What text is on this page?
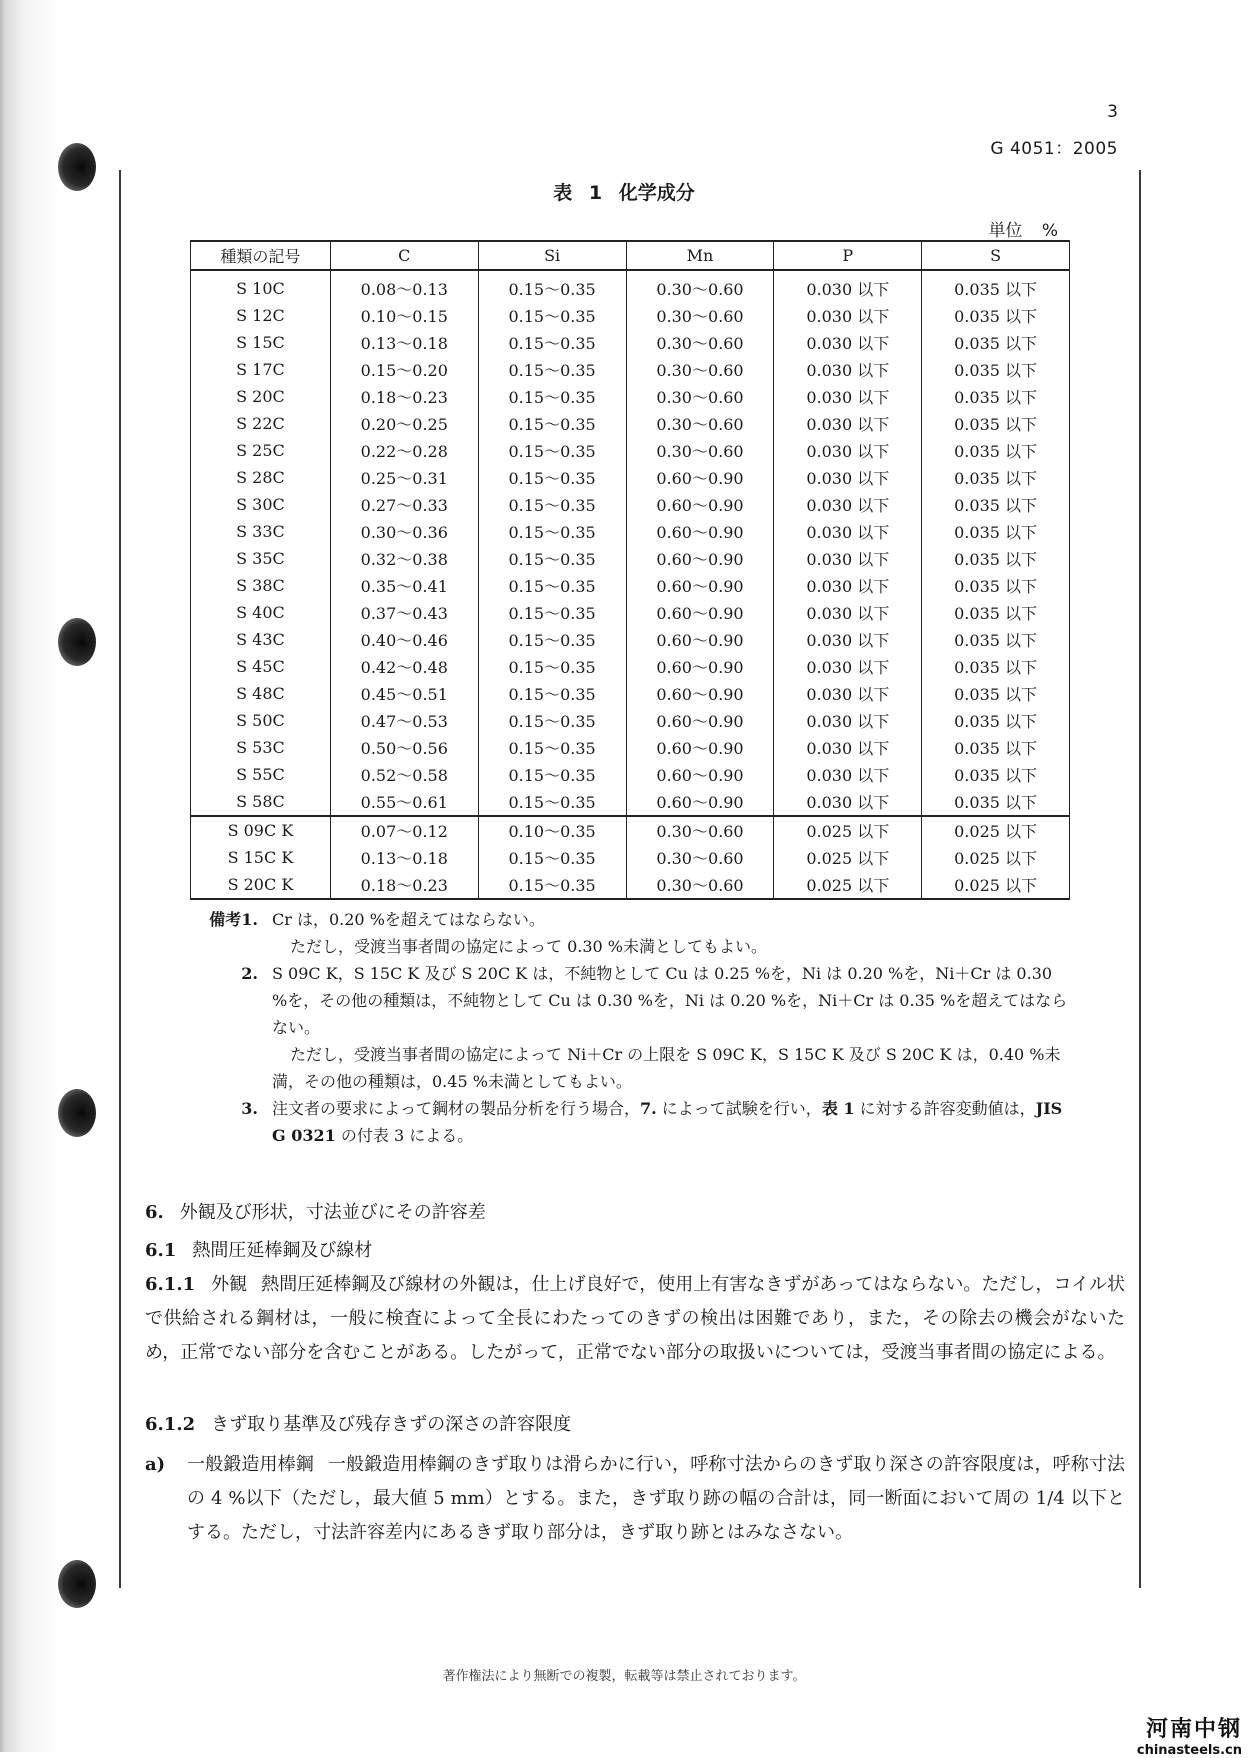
3
G 4051：2005
表 1 化学成分
単位 %
種類の記号	C	Si	Mn	P	S
S 10C	0.08〜0.13	0.15〜0.35	0.30〜0.60	0.030 以下	0.035 以下
S 12C	0.10〜0.15	0.15〜0.35	0.30〜0.60	0.030 以下	0.035 以下
S 15C	0.13〜0.18	0.15〜0.35	0.30〜0.60	0.030 以下	0.035 以下
S 17C	0.15〜0.20	0.15〜0.35	0.30〜0.60	0.030 以下	0.035 以下
S 20C	0.18〜0.23	0.15〜0.35	0.30〜0.60	0.030 以下	0.035 以下
S 22C	0.20〜0.25	0.15〜0.35	0.30〜0.60	0.030 以下	0.035 以下
S 25C	0.22〜0.28	0.15〜0.35	0.30〜0.60	0.030 以下	0.035 以下
S 28C	0.25〜0.31	0.15〜0.35	0.60〜0.90	0.030 以下	0.035 以下
S 30C	0.27〜0.33	0.15〜0.35	0.60〜0.90	0.030 以下	0.035 以下
S 33C	0.30〜0.36	0.15〜0.35	0.60〜0.90	0.030 以下	0.035 以下
S 35C	0.32〜0.38	0.15〜0.35	0.60〜0.90	0.030 以下	0.035 以下
S 38C	0.35〜0.41	0.15〜0.35	0.60〜0.90	0.030 以下	0.035 以下
S 40C	0.37〜0.43	0.15〜0.35	0.60〜0.90	0.030 以下	0.035 以下
S 43C	0.40〜0.46	0.15〜0.35	0.60〜0.90	0.030 以下	0.035 以下
S 45C	0.42〜0.48	0.15〜0.35	0.60〜0.90	0.030 以下	0.035 以下
S 48C	0.45〜0.51	0.15〜0.35	0.60〜0.90	0.030 以下	0.035 以下
S 50C	0.47〜0.53	0.15〜0.35	0.60〜0.90	0.030 以下	0.035 以下
S 53C	0.50〜0.56	0.15〜0.35	0.60〜0.90	0.030 以下	0.035 以下
S 55C	0.52〜0.58	0.15〜0.35	0.60〜0.90	0.030 以下	0.035 以下
S 58C	0.55〜0.61	0.15〜0.35	0.60〜0.90	0.030 以下	0.035 以下
S 09C K	0.07〜0.12	0.10〜0.35	0.30〜0.60	0.025 以下	0.025 以下
S 15C K	0.13〜0.18	0.15〜0.35	0.30〜0.60	0.025 以下	0.025 以下
S 20C K	0.18〜0.23	0.15〜0.35	0.30〜0.60	0.025 以下	0.025 以下
備考1. Cr は，0.20 %を超えてはならない。
ただし，受渡当事者間の協定によって 0.30 %未満としてもよい。
2. S 09C K，S 15C K 及び S 20C K は，不純物として Cu は 0.25 %を，Ni は 0.20 %を，Ni＋Cr は 0.30 %を，その他の種類は，不純物として Cu は 0.30 %を，Ni は 0.20 %を，Ni＋Cr は 0.35 %を超えてはならない。
ただし，受渡当事者間の協定によって Ni＋Cr の上限を S 09C K，S 15C K 及び S 20C K は，0.40 %未満，その他の種類は，0.45 %未満としてもよい。
3. 注文者の要求によって鋼材の製品分析を行う場合，7. によって試験を行い，表 1 に対する許容変動値は，JIS G 0321 の付表 3 による。
6. 外観及び形状，寸法並びにその許容差
6.1 熱間圧延棒鋼及び線材
6.1.1 外観 熱間圧延棒鋼及び線材の外観は，仕上げ良好で，使用上有害なきずがあってはならない。ただし，コイル状で供給される鋼材は，一般に検査によって全長にわたってのきずの検出は困難であり，また，その除去の機会がないため，正常でない部分を含むことがある。したがって，正常でない部分の取扱いについては，受渡当事者間の協定による。
6.1.2 きず取り基準及び残存きずの深さの許容限度
a)	一般鍛造用棒鋼 一般鍛造用棒鋼のきず取りは滑らかに行い，呼称寸法からのきず取り深さの許容限度は，呼称寸法の 4 %以下（ただし，最大値 5 mm）とする。また，きず取り跡の幅の合計は，同一断面において周の 1/4 以下とする。ただし，寸法許容差内にあるきず取り部分は，きず取り跡とはみなさない。
著作権法により無断での複製，転載等は禁止されております。
河南中钢
chinasteels.cn
